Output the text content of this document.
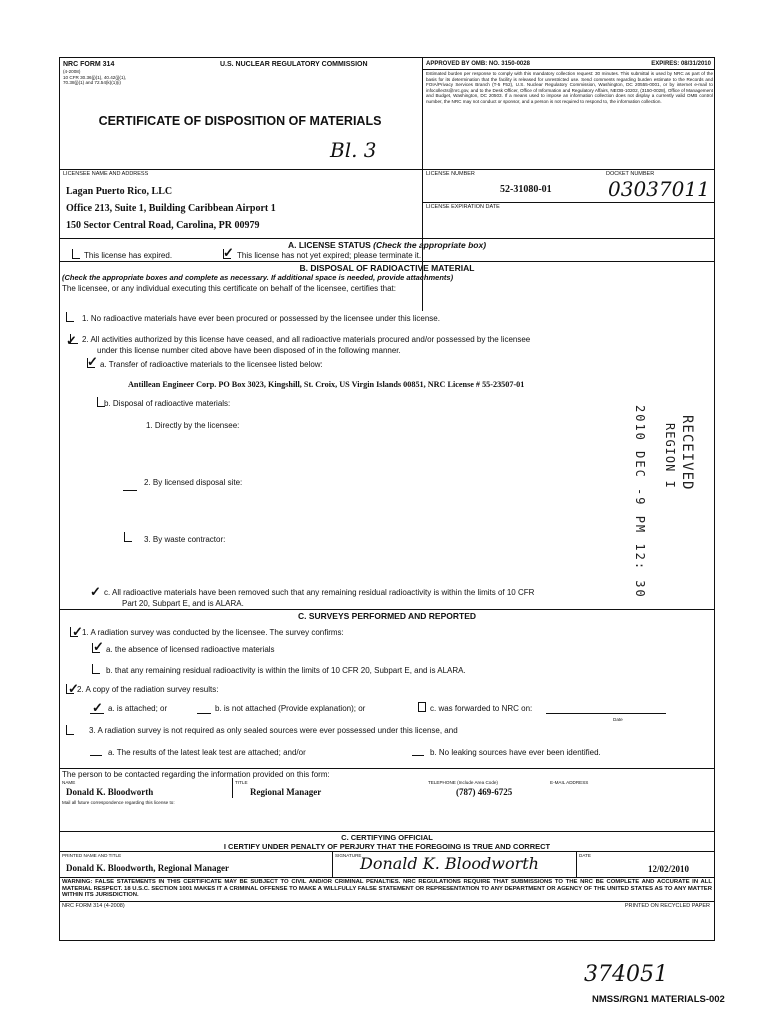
NRC FORM 314
(4-2008)
10 CFR 30.36(j)(1), 40.42(j)(1),
70.38(j)(1) and 72.54(k)(1)(i)
U.S. NUCLEAR REGULATORY COMMISSION
CERTIFICATE OF DISPOSITION OF MATERIALS
Bl. 3
APPROVED BY OMB: NO. 3150-0028	EXPIRES: 08/31/2010
Estimated burden per response to comply with this mandatory collection request: 30 minutes. This submittal is used by NRC as part of the basis for its determination that the facility is released for unrestricted use. Send comments regarding burden estimate to the Records and FOIA/Privacy Services Branch (T-5 F52), U.S. Nuclear Regulatory Commission, Washington, DC 20555-0001, or by internet e-mail to infocollects@nrc.gov, and to the Desk Officer, Office of Information and Regulatory Affairs, NEOB-10202, (3150-0028), Office of Management and Budget, Washington, DC 20503. If a means used to impose an information collection does not display a currently valid OMB control number, the NRC may not conduct or sponsor, and a person is not required to respond to, the information collection.
LICENSEE NAME AND ADDRESS
Lagan Puerto Rico, LLC
Office 213, Suite 1, Building Caribbean Airport 1
150 Sector Central Road, Carolina, PR 00979
LICENSE NUMBER	DOCKET NUMBER
52-31080-01	03037011
LICENSE EXPIRATION DATE
A. LICENSE STATUS (Check the appropriate box)
This license has expired.	✓ This license has not yet expired; please terminate it.
B. DISPOSAL OF RADIOACTIVE MATERIAL
(Check the appropriate boxes and complete as necessary. If additional space is needed, provide attachments)
The licensee, or any individual executing this certificate on behalf of the licensee, certifies that:
1. No radioactive materials have ever been procured or possessed by the licensee under this license.
✓ 2. All activities authorized by this license have ceased, and all radioactive materials procured and/or possessed by the licensee
under this license number cited above have been disposed of in the following manner.
✓ a. Transfer of radioactive materials to the licensee listed below:
Antillean Engineer Corp. PO Box 3023, Kingshill, St. Croix, US Virgin Islands 00851, NRC License # 55-23507-01
b. Disposal of radioactive materials:
1. Directly by the licensee:
2. By licensed disposal site:
3. By waste contractor:
✓ c. All radioactive materials have been removed such that any remaining residual radioactivity is within the limits of 10 CFR
Part 20, Subpart E, and is ALARA.
C. SURVEYS PERFORMED AND REPORTED
✓ 1. A radiation survey was conducted by the licensee. The survey confirms:
✓ a. the absence of licensed radioactive materials
b. that any remaining residual radioactivity is within the limits of 10 CFR 20, Subpart E, and is ALARA.
✓
2. A copy of the radiation survey results:
✓ a. is attached; or	b. is not attached (Provide explanation); or	c. was forwarded to NRC on:
Date
3. A radiation survey is not required as only sealed sources were ever possessed under this license, and
a. The results of the latest leak test are attached; and/or	b. No leaking sources have ever been identified.
The person to be contacted regarding the information provided on this form:
NAME
Donald K. Bloodworth
TITLE
Regional Manager
TELEPHONE (Include Area Code)
(787) 469-6725
E-MAIL ADDRESS
Mail all future correspondence regarding this license to:
C. CERTIFYING OFFICIAL
I CERTIFY UNDER PENALTY OF PERJURY THAT THE FOREGOING IS TRUE AND CORRECT
PRINTED NAME AND TITLE
Donald K. Bloodworth, Regional Manager
SIGNATURE
Donald K. Bloodworth	DATE
12/02/2010
WARNING: FALSE STATEMENTS IN THIS CERTIFICATE MAY BE SUBJECT TO CIVIL AND/OR CRIMINAL PENALTIES. NRC REGULATIONS REQUIRE THAT SUBMISSIONS TO THE NRC BE COMPLETE AND ACCURATE IN ALL MATERIAL RESPECT. 18 U.S.C. SECTION 1001 MAKES IT A CRIMINAL OFFENSE TO MAKE A WILLFULLY FALSE STATEMENT OR REPRESENTATION TO ANY DEPARTMENT OR AGENCY OF THE UNITED STATES AS TO ANY MATTER WITHIN ITS JURISDICTION.
NRC FORM 314 (4-2008)	PRINTED ON RECYCLED PAPER
RECEIVED
REGION I
2010 DEC -9 PM 12: 30
374051
NMSS/RGN1 MATERIALS-002
